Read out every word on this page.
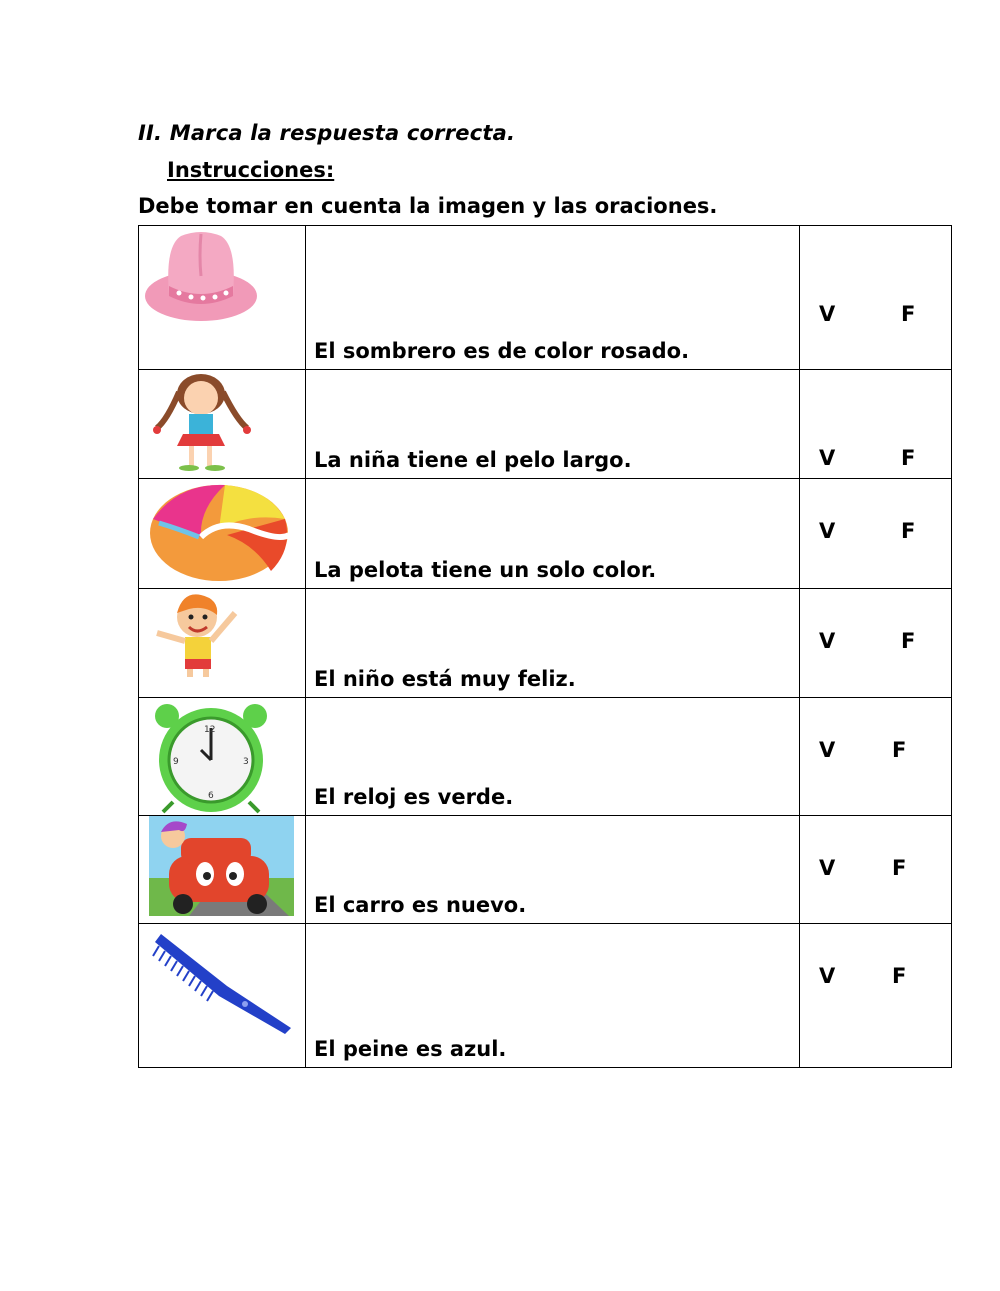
II. Marca la respuesta correcta.
Instrucciones:
Debe tomar en cuenta la imagen y las oraciones.

El sombrero es de color rosado.	V F

La niña tiene el pelo largo.	V F

La pelota tiene un solo color.	V F

El niño está muy feliz.	V F

12
3
6
9	El reloj es verde.	V F

El carro es nuevo.	V F

El peine es azul.	V F
